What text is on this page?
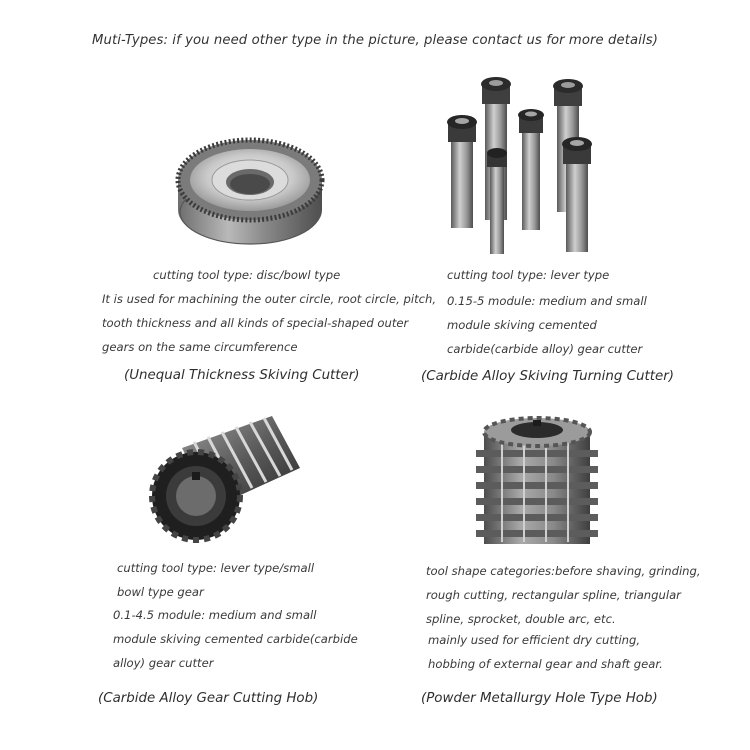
Muti-Types: if you need other type in the picture, please contact us for more details)
cutting tool type: disc/bowl type
It is used for machining the outer circle, root circle, pitch,
tooth thickness and all kinds of special-shaped outer
gears on the same circumference
(Unequal Thickness Skiving Cutter)
cutting tool type: lever type
0.15-5 module: medium and small
module skiving cemented
carbide(carbide alloy) gear cutter
(Carbide Alloy Skiving Turning Cutter)
cutting tool type: lever type/small
bowl type gear
0.1-4.5 module: medium and small
module skiving cemented carbide(carbide
alloy) gear cutter
(Carbide Alloy Gear Cutting Hob)
tool shape categories:before shaving, grinding,
rough cutting, rectangular spline, triangular
spline, sprocket, double arc, etc.
mainly used for efficient dry cutting,
hobbing of external gear and shaft gear.
(Powder Metallurgy Hole Type Hob)
